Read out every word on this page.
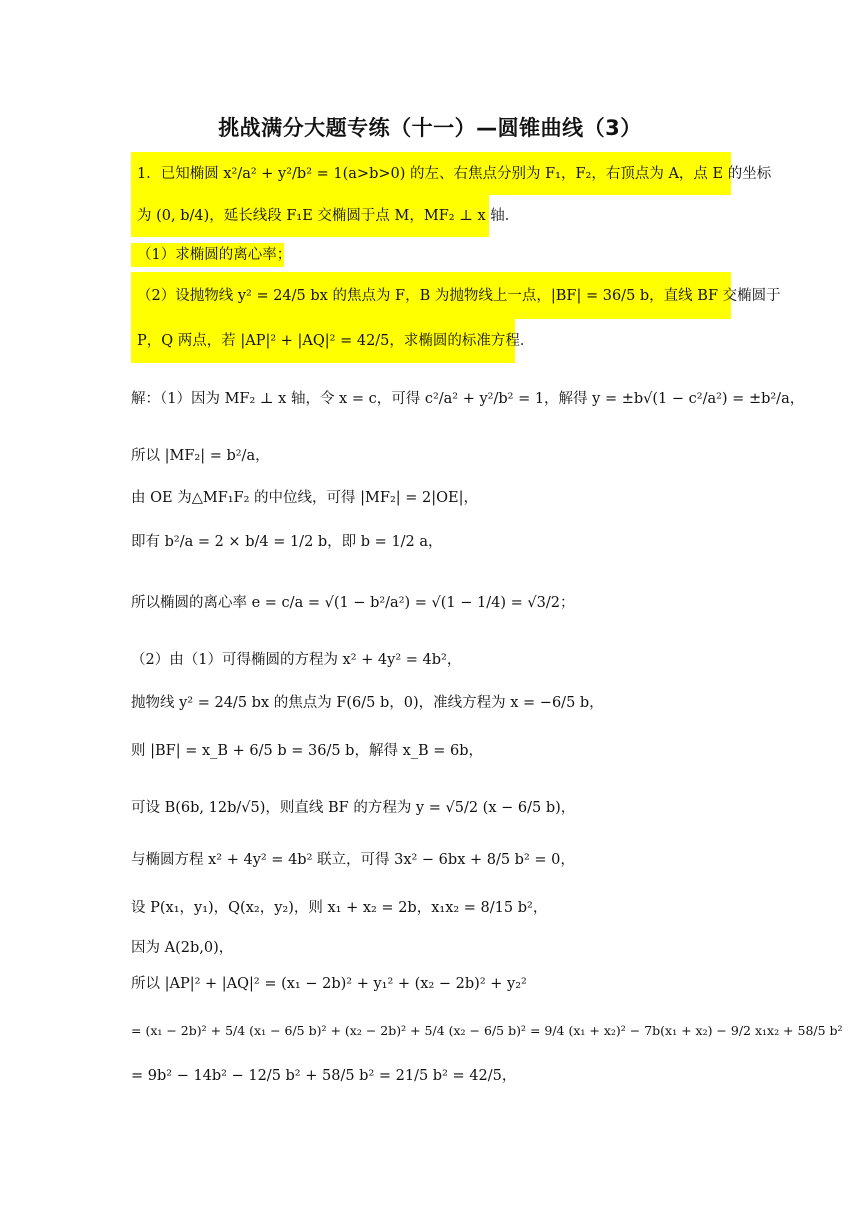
挑战满分大题专练（十一）—圆锥曲线（3）
1．已知椭圆 x²/a² + y²/b² = 1(a>b>0) 的左、右焦点分别为 F₁，F₂，右顶点为 A，点 E 的坐标
为 (0, b/4)，延长线段 F₁E 交椭圆于点 M，MF₂ ⊥ x 轴．
（1）求椭圆的离心率；
（2）设抛物线 y² = 24/5 bx 的焦点为 F，B 为抛物线上一点，|BF| = 36/5 b，直线 BF 交椭圆于
P，Q 两点，若 |AP|² + |AQ|² = 42/5，求椭圆的标准方程．
解：（1）因为 MF₂ ⊥ x 轴，令 x = c，可得 c²/a² + y²/b² = 1，解得 y = ±b√(1 − c²/a²) = ±b²/a，
所以 |MF₂| = b²/a，
由 OE 为△MF₁F₂ 的中位线，可得 |MF₂| = 2|OE|，
即有 b²/a = 2 × b/4 = 1/2 b，即 b = 1/2 a，
所以椭圆的离心率 e = c/a = √(1 − b²/a²) = √(1 − 1/4) = √3/2；
（2）由（1）可得椭圆的方程为 x² + 4y² = 4b²，
抛物线 y² = 24/5 bx 的焦点为 F(6/5 b，0)，准线方程为 x = −6/5 b，
则 |BF| = x_B + 6/5 b = 36/5 b，解得 x_B = 6b，
可设 B(6b, 12b/√5)，则直线 BF 的方程为 y = √5/2 (x − 6/5 b)，
与椭圆方程 x² + 4y² = 4b² 联立，可得 3x² − 6bx + 8/5 b² = 0，
设 P(x₁，y₁)，Q(x₂，y₂)，则 x₁ + x₂ = 2b，x₁x₂ = 8/15 b²，
因为 A(2b,0)，
所以 |AP|² + |AQ|² = (x₁ − 2b)² + y₁² + (x₂ − 2b)² + y₂²
= (x₁ − 2b)² + 5/4 (x₁ − 6/5 b)² + (x₂ − 2b)² + 5/4 (x₂ − 6/5 b)² = 9/4 (x₁ + x₂)² − 7b(x₁ + x₂) − 9/2 x₁x₂ + 58/5 b²
= 9b² − 14b² − 12/5 b² + 58/5 b² = 21/5 b² = 42/5，
